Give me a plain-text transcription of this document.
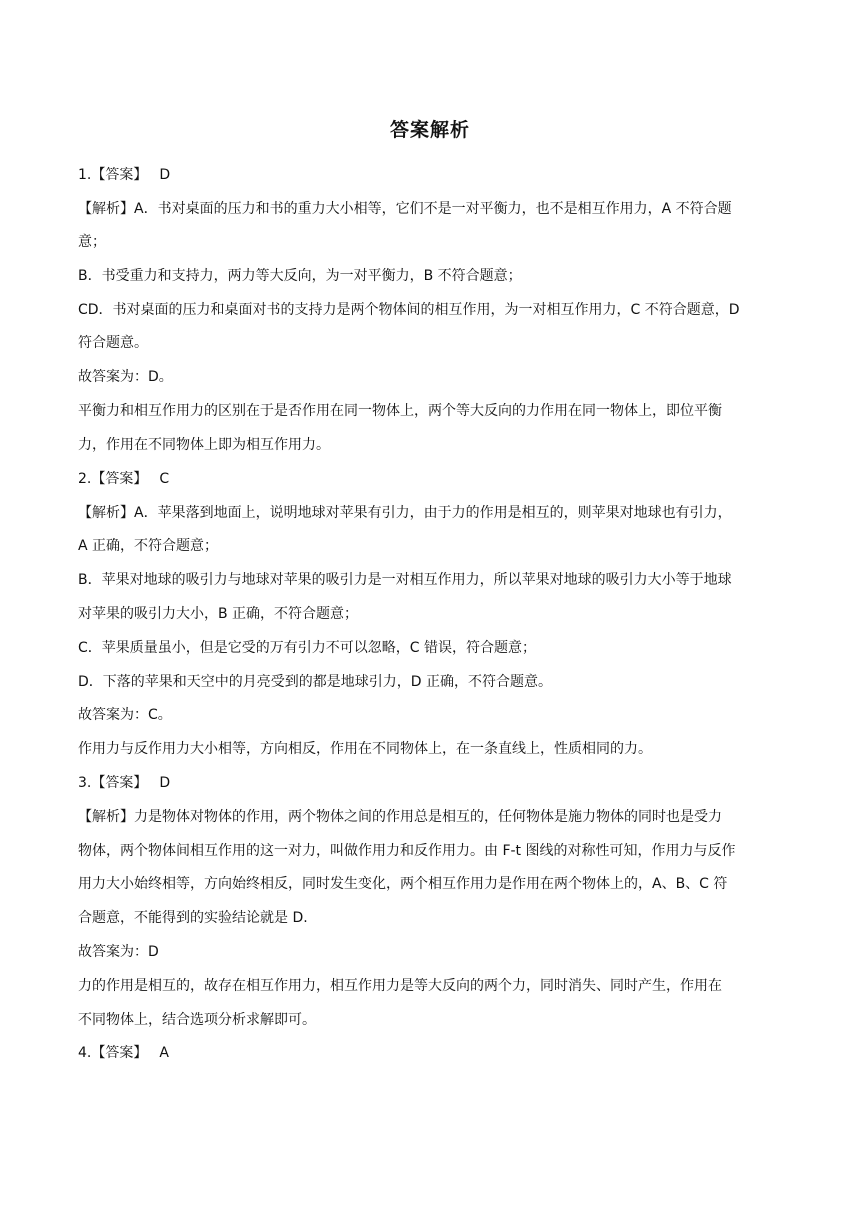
答案解析
1.【答案】 D
【解析】A．书对桌面的压力和书的重力大小相等，它们不是一对平衡力，也不是相互作用力，A 不符合题
意；
B．书受重力和支持力，两力等大反向，为一对平衡力，B 不符合题意；
CD．书对桌面的压力和桌面对书的支持力是两个物体间的相互作用，为一对相互作用力，C 不符合题意，D
符合题意。
故答案为：D。
平衡力和相互作用力的区别在于是否作用在同一物体上，两个等大反向的力作用在同一物体上，即位平衡
力，作用在不同物体上即为相互作用力。
2.【答案】 C
【解析】A．苹果落到地面上，说明地球对苹果有引力，由于力的作用是相互的，则苹果对地球也有引力，
A 正确，不符合题意；
B．苹果对地球的吸引力与地球对苹果的吸引力是一对相互作用力，所以苹果对地球的吸引力大小等于地球
对苹果的吸引力大小，B 正确，不符合题意；
C．苹果质量虽小，但是它受的万有引力不可以忽略，C 错误，符合题意；
D．下落的苹果和天空中的月亮受到的都是地球引力，D 正确，不符合题意。
故答案为：C。
作用力与反作用力大小相等，方向相反，作用在不同物体上，在一条直线上，性质相同的力。
3.【答案】 D
【解析】力是物体对物体的作用，两个物体之间的作用总是相互的，任何物体是施力物体的同时也是受力
物体，两个物体间相互作用的这一对力，叫做作用力和反作用力。由 F-t 图线的对称性可知，作用力与反作
用力大小始终相等，方向始终相反，同时发生变化，两个相互作用力是作用在两个物体上的，A、B、C 符
合题意，不能得到的实验结论就是 D.
故答案为：D
力的作用是相互的，故存在相互作用力，相互作用力是等大反向的两个力，同时消失、同时产生，作用在
不同物体上，结合选项分析求解即可。
4.【答案】 A
